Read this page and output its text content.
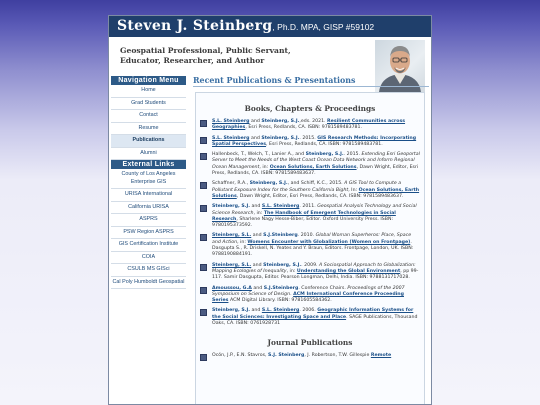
Steven J. Steinberg, Ph.D. MPA, GISP #59102
Geospatial Professional, Public Servant, Educator, Researcher, and Author
Navigation Menu
Home
Grad Students
Contact
Resume
Publications
Alumni
External Links
County of Los Angeles Enterprise GIS
URISA International
California URISA
ASPRS
PSW Region ASPRS
GIS Certification Institute
COIA
CSULB MS GISci
Cal Poly Humboldt Geospatial
Recent Publications & Presentations
Books, Chapters & Proceedings
S.L. Steinberg and Steinberg, S.J.,eds. 2021. Resilient Communities across Geographies, Esri Press, Redlands, CA. ISBN: 9781589483781.
S.L. Steinberg and Steinberg, S.J.. 2015. GIS Research Methods: Incorporating Spatial Perspectives, Esri Press, Redlands, CA. ISBN: 9781589483781.
Hallenbeck, T., Welch, T., Lanier A., and Steinberg, S.J.. 2015. Extending Esri Geoportal Server to Meet the Needs of the West Coast Ocean Data Network and Inform Regional Ocean Management, in: Ocean Solutions, Earth Solutions, Dawn Wright, Editor, Esri Press, Redlands, CA. ISBN: 9781589483637.
Schaffner, R.A., Steinberg, S.J., and Schiff, K.C., 2015. A GIS Tool to Compute a Pollutant Exposure Index for the Southern California Bight, In: Ocean Solutions, Earth Solutions, Dawn Wright, Editor, Esri Press, Redlands, CA. ISBN: 9781589483637.
Steinberg, S.J. and S.L. Steinberg. 2011. Geospatial Analysis Technology and Social Science Research, in: The Handbook of Emergent Technologies in Social Research, Sharlene Nagy Hesse-Biber, Editor. Oxford University Press. ISBN: 9780195373592.
Steinberg, S.L. and S.J.Steinberg. 2010. Global Woman Superheros: Place, Space and Action, in: Womens Encounter with Globalization (Women on Frontpage). Dasgupta S., R. Driskell, N. Yeates and Y. Braun, Editors. Frontpage, London, UK. ISBN: 9788190884191.
Steinberg, S.L. and Steinberg, S.J.. 2009. A Sociospatial Approach to Globalization: Mapping Ecologies of Inequality, in: Understanding the Global Environment, pp 99-117. Samir Dasgupta, Editor. Pearson Longman, Delhi, India. ISBN: 9788131717028.
Amoussou, G.A and S.J.Steinberg. Conference Chairs. Proceedings of the 2007 Symposium on Science of Design. ACM International Conference Proceeding Series ACM Digital Library. ISBN: 9781605584362.
Steinberg, S.J. and S.L. Steinberg. 2006. Geographic Information Systems for the Social Sciences: Investigating Space and Place. SAGE Publications, Thousand Oaks, CA. ISBN: 0761928731
Journal Publications
Ocón, J.P., E.N. Stavros, S.J. Steinberg, J. Robertson, T.W. Gillespie Remote
